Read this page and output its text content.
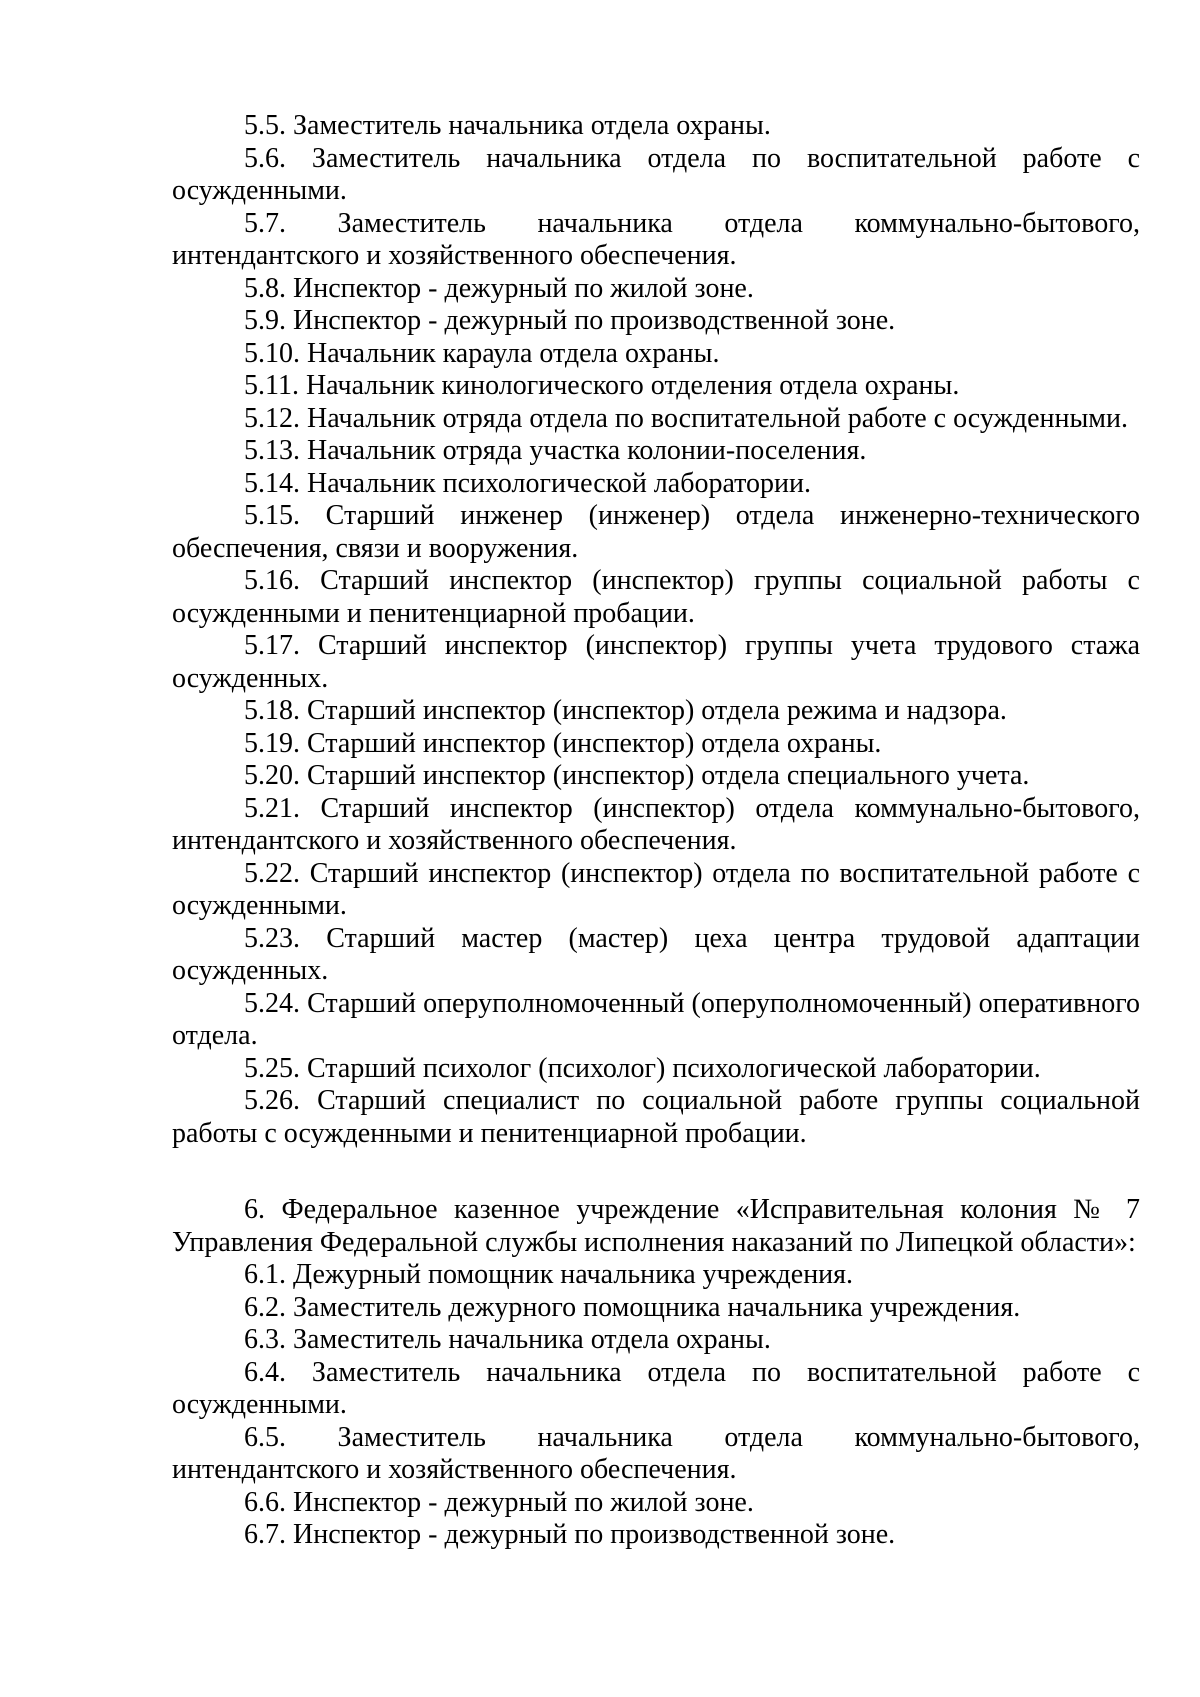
5.5. Заместитель начальника отдела охраны.

5.6. Заместитель начальника отдела по воспитательной работе с осужденными.

5.7. Заместитель начальника отдела коммунально-бытового, интендантского и хозяйственного обеспечения.

5.8. Инспектор - дежурный по жилой зоне.

5.9. Инспектор - дежурный по производственной зоне.

5.10. Начальник караула отдела охраны.

5.11. Начальник кинологического отделения отдела охраны.

5.12. Начальник отряда отдела по воспитательной работе с осужденными.

5.13. Начальник отряда участка колонии-поселения.

5.14. Начальник психологической лаборатории.

5.15. Старший инженер (инженер) отдела инженерно-технического обеспечения, связи и вооружения.

5.16. Старший инспектор (инспектор) группы социальной работы с осужденными и пенитенциарной пробации.

5.17. Старший инспектор (инспектор) группы учета трудового стажа осужденных.

5.18. Старший инспектор (инспектор) отдела режима и надзора.

5.19. Старший инспектор (инспектор) отдела охраны.

5.20. Старший инспектор (инспектор) отдела специального учета.

5.21. Старший инспектор (инспектор) отдела коммунально-бытового, интендантского и хозяйственного обеспечения.

5.22. Старший инспектор (инспектор) отдела по воспитательной работе с осужденными.

5.23. Старший мастер (мастер) цеха центра трудовой адаптации осужденных.

5.24. Старший оперуполномоченный (оперуполномоченный) оперативного отдела.

5.25. Старший психолог (психолог) психологической лаборатории.

5.26. Старший специалист по социальной работе группы социальной работы с осужденными и пенитенциарной пробации.

6. Федеральное казенное учреждение «Исправительная колония № 7 Управления Федеральной службы исполнения наказаний по Липецкой области»:

6.1. Дежурный помощник начальника учреждения.

6.2. Заместитель дежурного помощника начальника учреждения.

6.3. Заместитель начальника отдела охраны.

6.4. Заместитель начальника отдела по воспитательной работе с осужденными.

6.5. Заместитель начальника отдела коммунально-бытового, интендантского и хозяйственного обеспечения.

6.6. Инспектор - дежурный по жилой зоне.

6.7. Инспектор - дежурный по производственной зоне.
